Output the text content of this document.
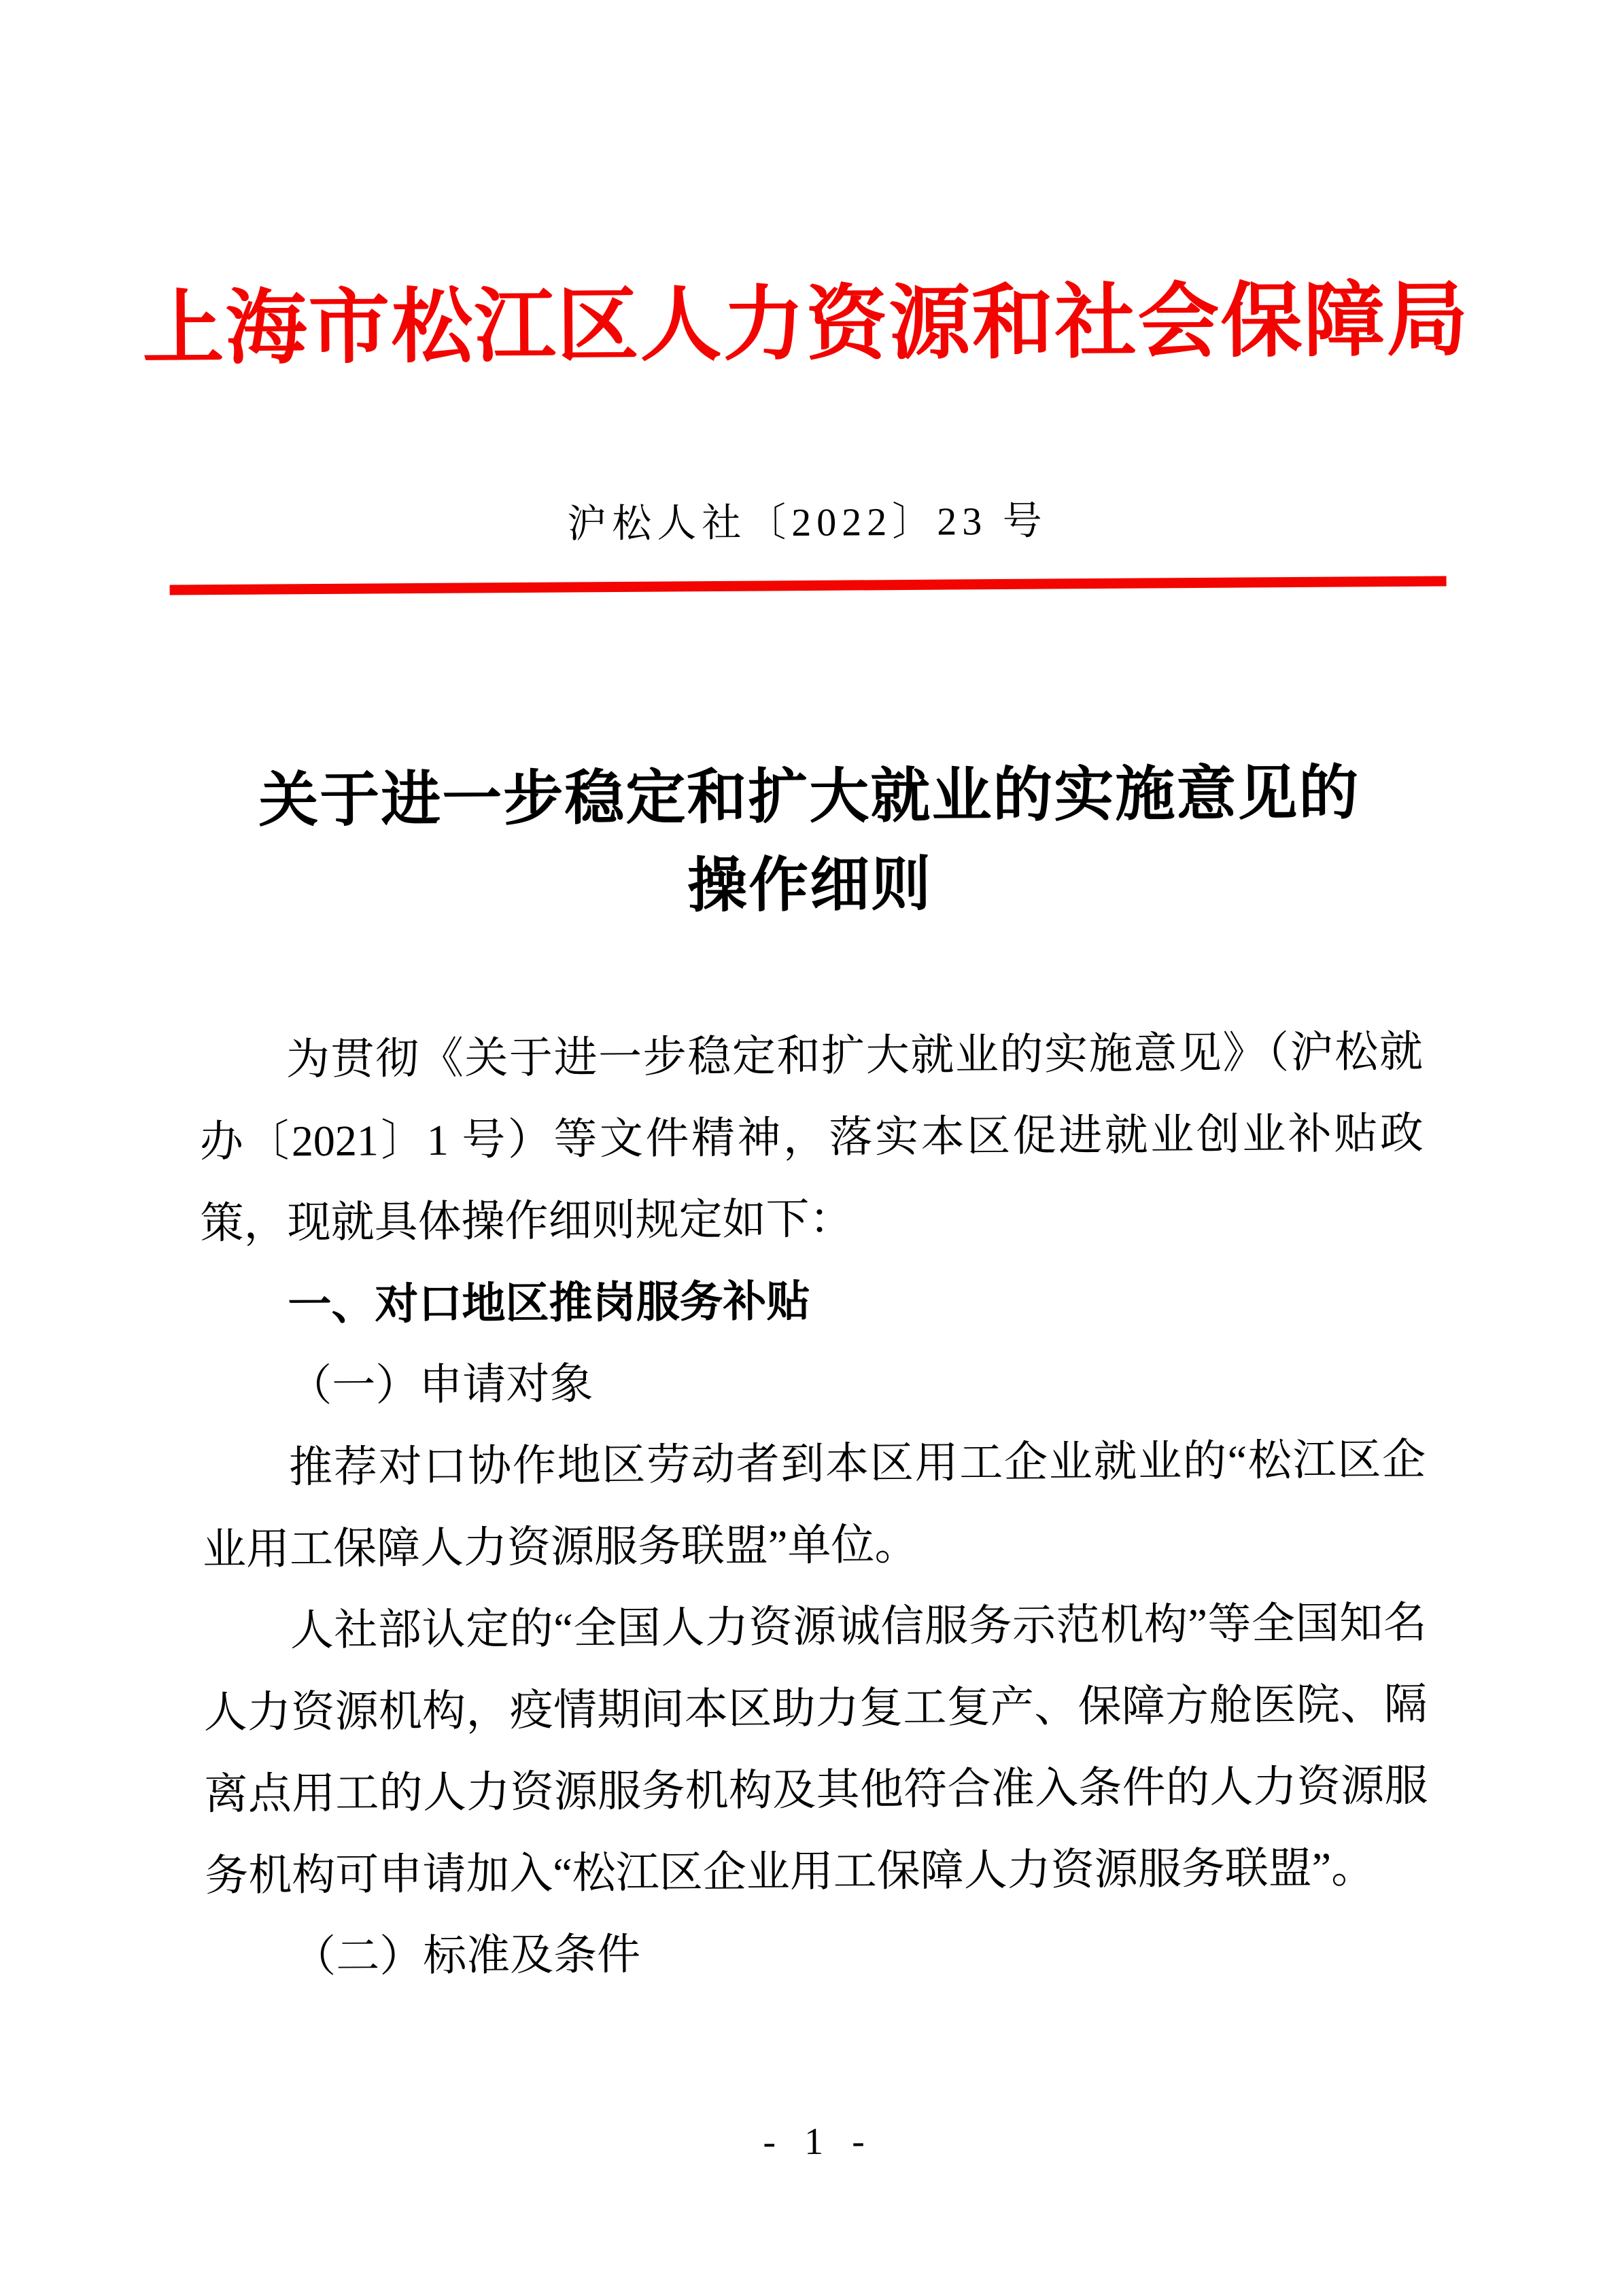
上海市松江区人力资源和社会保障局
沪松人社〔2022〕23 号
关于进一步稳定和扩大就业的实施意见的
操作细则
为贯彻《关于进一步稳定和扩大就业的实施意见》（沪松就办〔2021〕1 号）等文件精神，落实本区促进就业创业补贴政策，现就具体操作细则规定如下：
一、对口地区推岗服务补贴
（一）申请对象
推荐对口协作地区劳动者到本区用工企业就业的“松江区企业用工保障人力资源服务联盟”单位。
人社部认定的“全国人力资源诚信服务示范机构”等全国知名人力资源机构，疫情期间本区助力复工复产、保障方舱医院、隔离点用工的人力资源服务机构及其他符合准入条件的人力资源服务机构可申请加入“松江区企业用工保障人力资源服务联盟”。
（二）标准及条件
- 1 -
